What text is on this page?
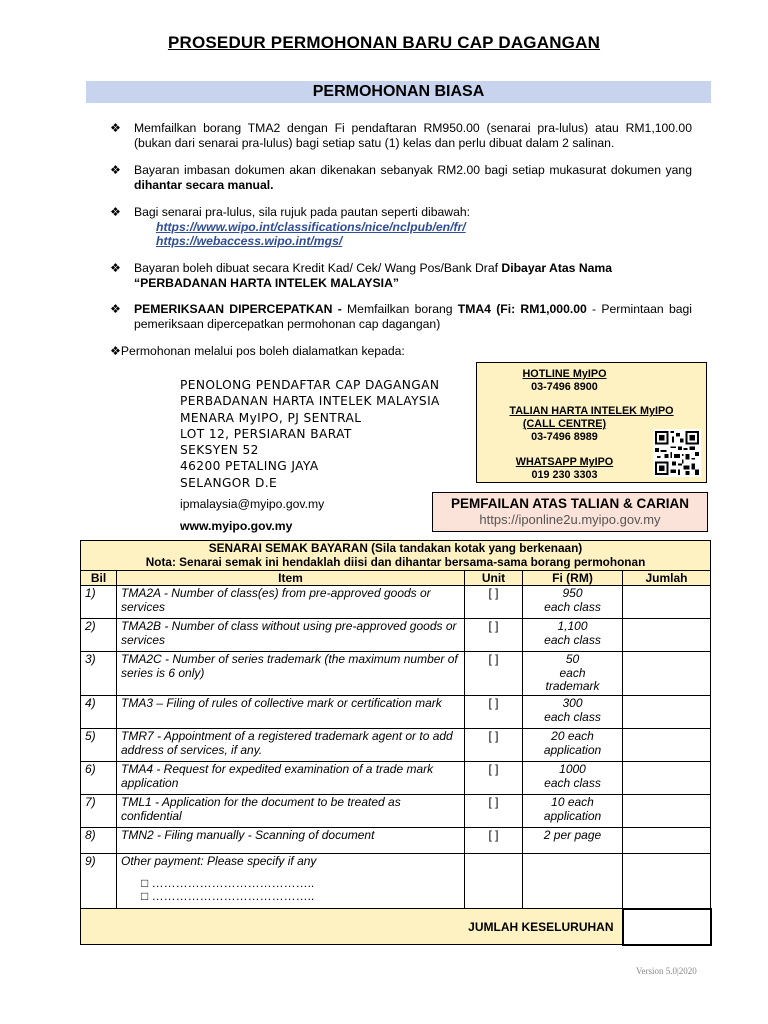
PROSEDUR PERMOHONAN BARU CAP DAGANGAN
PERMOHONAN BIASA
❖	Memfailkan borang TMA2 dengan Fi pendaftaran RM950.00 (senarai pra-lulus) atau RM1,100.00 (bukan dari senarai pra-lulus) bagi setiap satu (1) kelas dan perlu dibuat dalam 2 salinan.
❖	Bayaran imbasan dokumen akan dikenakan sebanyak RM2.00 bagi setiap mukasurat dokumen yang dihantar secara manual.
❖	Bagi senarai pra-lulus, sila rujuk pada pautan seperti dibawah:
https://www.wipo.int/classifications/nice/nclpub/en/fr/
https://webaccess.wipo.int/mgs/
❖	Bayaran boleh dibuat secara Kredit Kad/ Cek/ Wang Pos/Bank Draf Dibayar Atas Nama
“PERBADANAN HARTA INTELEK MALAYSIA”
❖	PEMERIKSAAN DIPERCEPATKAN - Memfailkan borang TMA4 (Fi: RM1,000.00 - Permintaan bagi pemeriksaan dipercepatkan permohonan cap dagangan)
❖Permohonan melalui pos boleh dialamatkan kepada:
PENOLONG PENDAFTAR CAP DAGANGAN
PERBADANAN HARTA INTELEK MALAYSIA
MENARA MyIPO, PJ SENTRAL
LOT 12, PERSIARAN BARAT
SEKSYEN 52
46200 PETALING JAYA
SELANGOR D.E
ipmalaysia@myipo.gov.my
www.myipo.gov.my
HOTLINE MyIPO
03-7496 8900
TALIAN HARTA INTELEK MyIPO
(CALL CENTRE)
03-7496 8989
WHATSAPP MyIPO
019 230 3303
PEMFAILAN ATAS TALIAN & CARIAN
https://iponline2u.myipo.gov.my
SENARAI SEMAK BAYARAN (Sila tandakan kotak yang berkenaan)				
Nota: Senarai semak ini hendaklah diisi dan dihantar bersama-sama borang permohonan				
Bil	Item	Unit	Fi (RM)	Jumlah
1)	TMA2A - Number of class(es) from pre-approved goods or services	[ ]	950
each class	

2)	TMA2B - Number of class without using pre-approved goods or services	[ ]	1,100
each class	

3)	TMA2C - Number of series trademark (the maximum number of series is 6 only)	[ ]	50
each trademark	

4)	TMA3 – Filing of rules of collective mark or certification mark	[ ]	300
each class	

5)	TMR7 - Appointment of a registered trademark agent or to add address of services, if any.	[ ]	20 each
application	

6)	TMA4 - Request for expedited examination of a trade mark application	[ ]	1000
each class	

7)	TML1 - Application for the document to be treated as confidential	[ ]	10 each
application	

8)	TMN2 - Filing manually - Scanning of document	[ ]	2 per page	

9)	Other payment: Please specify if any
□ …………………………………..
□ …………………………………..			

JUMLAH KESELURUHAN				
Version 5.0|2020
